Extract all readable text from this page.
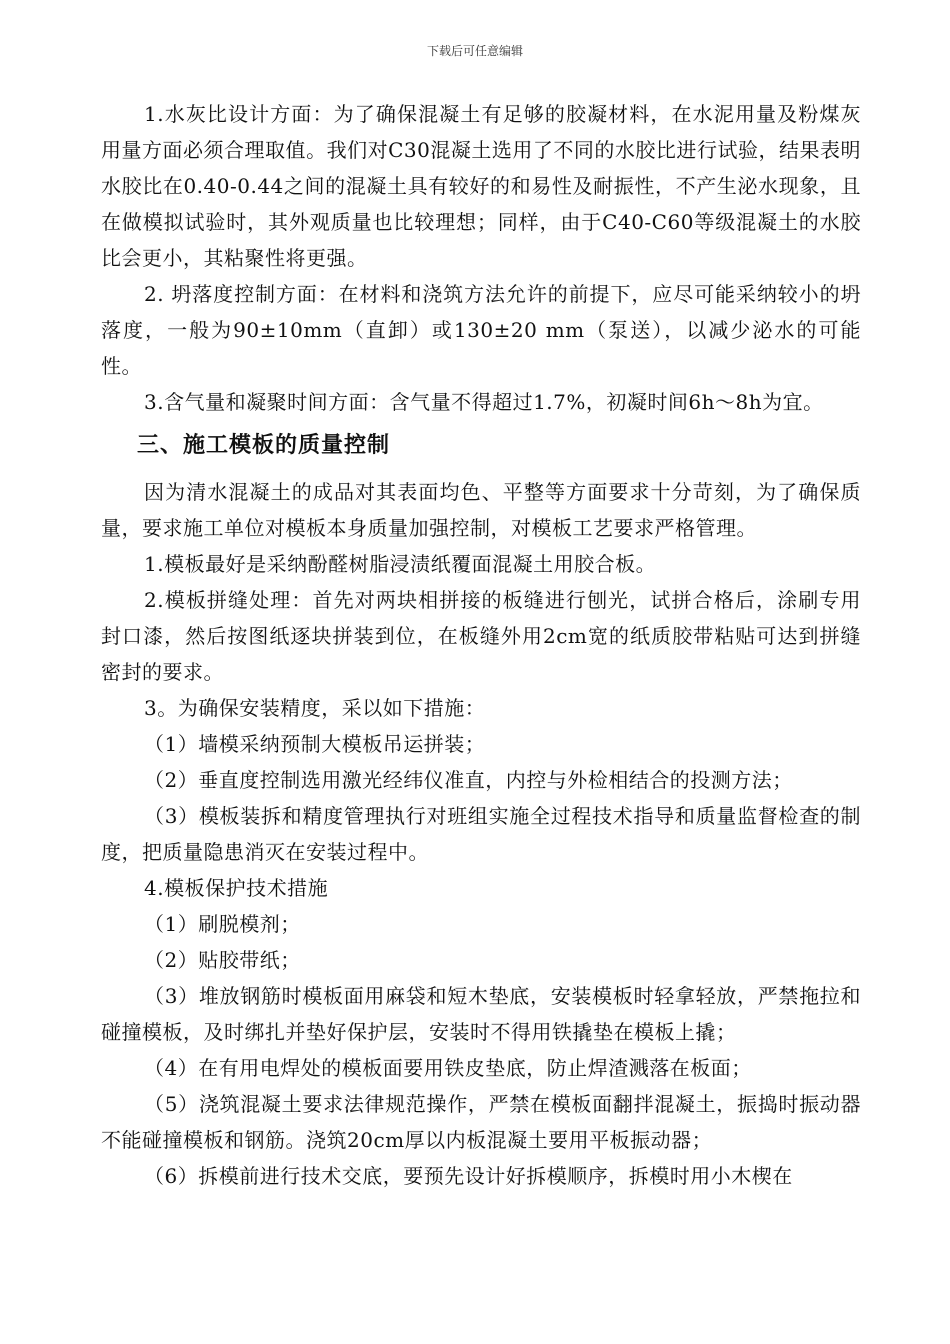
下载后可任意编辑

1.水灰比设计方面：为了确保混凝土有足够的胶凝材料，在水泥用量及粉煤灰用量方面必须合理取值。我们对C30混凝土选用了不同的水胶比进行试验，结果表明水胶比在0.40-0.44之间的混凝土具有较好的和易性及耐振性，不产生泌水现象，且在做模拟试验时，其外观质量也比较理想；同样，由于C40-C60等级混凝土的水胶比会更小，其粘聚性将更强。

2. 坍落度控制方面：在材料和浇筑方法允许的前提下，应尽可能采纳较小的坍落度，一般为90±10mm（直卸）或130±20 mm（泵送），以减少泌水的可能性。

3.含气量和凝聚时间方面：含气量不得超过1.7%，初凝时间6h～8h为宜。

三、施工模板的质量控制

因为清水混凝土的成品对其表面均色、平整等方面要求十分苛刻，为了确保质量，要求施工单位对模板本身质量加强控制，对模板工艺要求严格管理。

1.模板最好是采纳酚醛树脂浸渍纸覆面混凝土用胶合板。

2.模板拼缝处理：首先对两块相拼接的板缝进行刨光，试拼合格后，涂刷专用封口漆，然后按图纸逐块拼装到位，在板缝外用2cm宽的纸质胶带粘贴可达到拼缝密封的要求。

3。为确保安装精度，采以如下措施：

（1）墙模采纳预制大模板吊运拼装；

（2）垂直度控制选用激光经纬仪准直，内控与外检相结合的投测方法；

（3）模板装拆和精度管理执行对班组实施全过程技术指导和质量监督检查的制度，把质量隐患消灭在安装过程中。

4.模板保护技术措施

（1）刷脱模剂；

（2）贴胶带纸；

（3）堆放钢筋时模板面用麻袋和短木垫底，安装模板时轻拿轻放，严禁拖拉和碰撞模板，及时绑扎并垫好保护层，安装时不得用铁撬垫在模板上撬；

（4）在有用电焊处的模板面要用铁皮垫底，防止焊渣溅落在板面；

（5）浇筑混凝土要求法律规范操作，严禁在模板面翻拌混凝土，振捣时振动器不能碰撞模板和钢筋。浇筑20cm厚以内板混凝土要用平板振动器；

（6）拆模前进行技术交底，要预先设计好拆模顺序，拆模时用小木楔在
